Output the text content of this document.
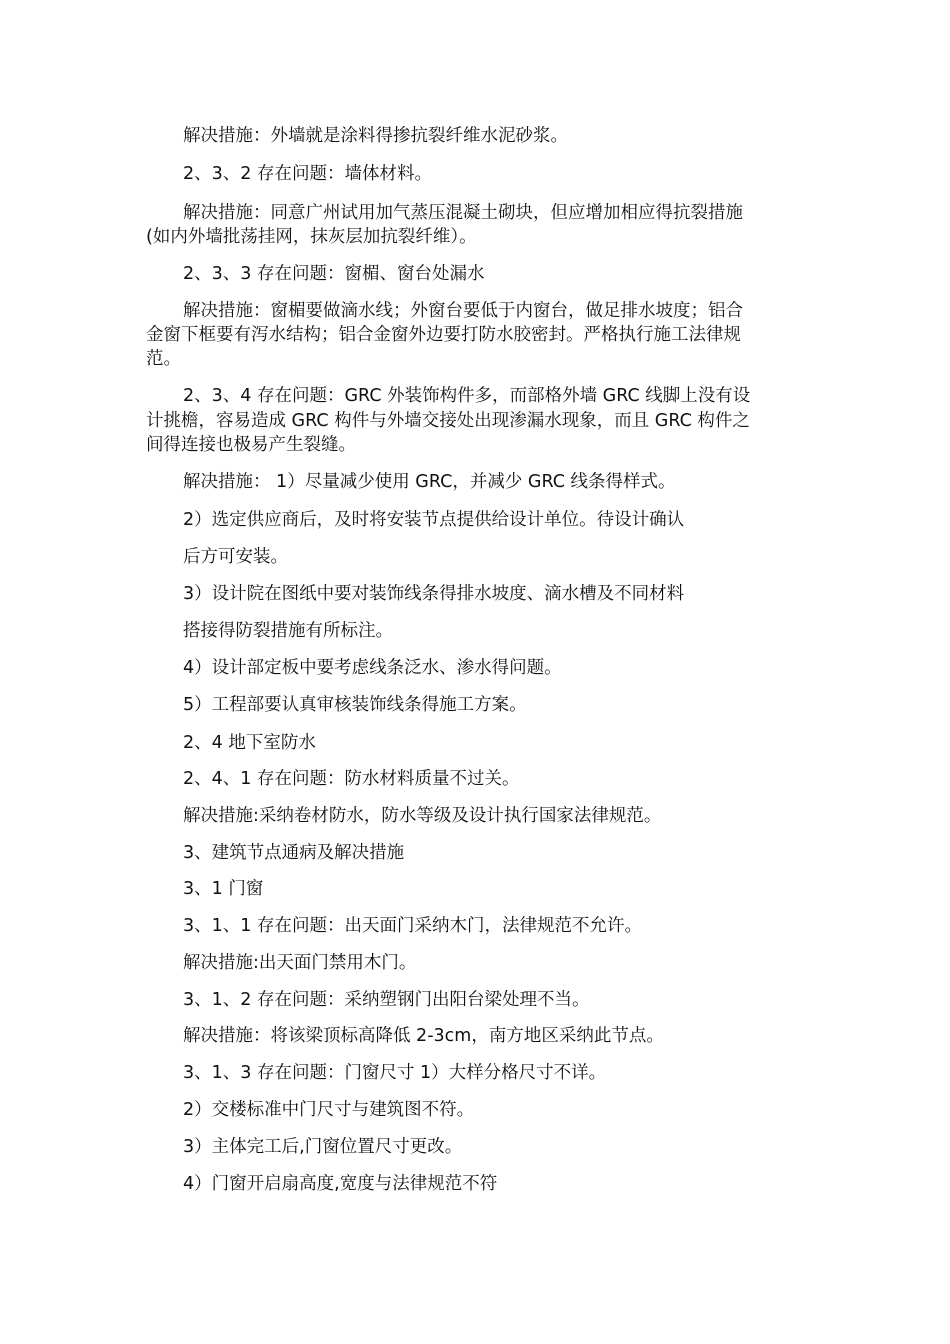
解决措施：外墙就是涂料得掺抗裂纤维水泥砂浆。
2、3、2 存在问题：墙体材料。
解决措施：同意广州试用加气蒸压混凝土砌块，但应增加相应得抗裂措施
(如内外墙批荡挂网，抹灰层加抗裂纤维）。
2、3、3 存在问题：窗楣、窗台处漏水
解决措施：窗楣要做滴水线；外窗台要低于内窗台，做足排水坡度；铝合
金窗下框要有泻水结构；铝合金窗外边要打防水胶密封。严格执行施工法律规
范。
2、3、4 存在问题：GRC 外装饰构件多，而部格外墙 GRC 线脚上没有设
计挑檐，容易造成 GRC 构件与外墙交接处出现渗漏水现象，而且 GRC 构件之
间得连接也极易产生裂缝。
解决措施： 1）尽量减少使用 GRC，并减少 GRC 线条得样式。
2）选定供应商后，及时将安装节点提供给设计单位。待设计确认
后方可安装。
3）设计院在图纸中要对装饰线条得排水坡度、滴水槽及不同材料
搭接得防裂措施有所标注。
4）设计部定板中要考虑线条泛水、渗水得问题。
5）工程部要认真审核装饰线条得施工方案。
2、4 地下室防水
2、4、1 存在问题：防水材料质量不过关。
解决措施:采纳卷材防水，防水等级及设计执行国家法律规范。
3、建筑节点通病及解决措施
3、1 门窗
3、1、1 存在问题：出天面门采纳木门，法律规范不允许。
解决措施:出天面门禁用木门。
3、1、2 存在问题：采纳塑钢门出阳台梁处理不当。
解决措施：将该梁顶标高降低 2-3cm，南方地区采纳此节点。
3、1、3 存在问题：门窗尺寸 1）大样分格尺寸不详。
2）交楼标准中门尺寸与建筑图不符。
3）主体完工后,门窗位置尺寸更改。
4）门窗开启扇高度,宽度与法律规范不符
